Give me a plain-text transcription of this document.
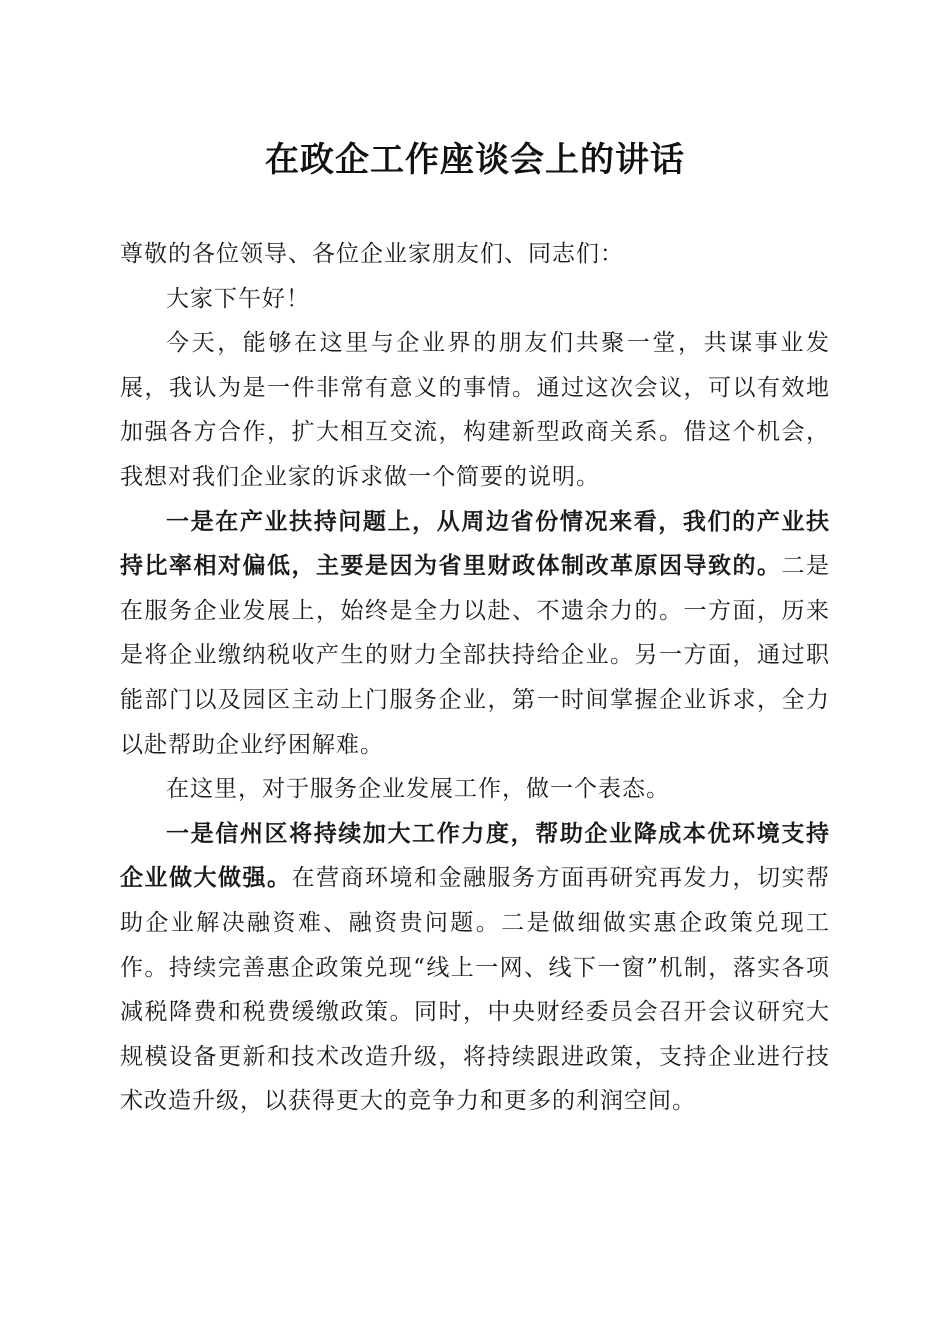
在政企工作座谈会上的讲话

尊敬的各位领导、各位企业家朋友们、同志们：

大家下午好！

今天，能够在这里与企业界的朋友们共聚一堂，共谋事业发展，我认为是一件非常有意义的事情。通过这次会议，可以有效地加强各方合作，扩大相互交流，构建新型政商关系。借这个机会，我想对我们企业家的诉求做一个简要的说明。

一是在产业扶持问题上，从周边省份情况来看，我们的产业扶持比率相对偏低，主要是因为省里财政体制改革原因导致的。二是在服务企业发展上，始终是全力以赴、不遗余力的。一方面，历来是将企业缴纳税收产生的财力全部扶持给企业。另一方面，通过职能部门以及园区主动上门服务企业，第一时间掌握企业诉求，全力以赴帮助企业纾困解难。

在这里，对于服务企业发展工作，做一个表态。

一是信州区将持续加大工作力度，帮助企业降成本优环境支持企业做大做强。在营商环境和金融服务方面再研究再发力，切实帮助企业解决融资难、融资贵问题。二是做细做实惠企政策兑现工作。持续完善惠企政策兑现“线上一网、线下一窗”机制，落实各项减税降费和税费缓缴政策。同时，中央财经委员会召开会议研究大规模设备更新和技术改造升级，将持续跟进政策，支持企业进行技术改造升级，以获得更大的竞争力和更多的利润空间。
